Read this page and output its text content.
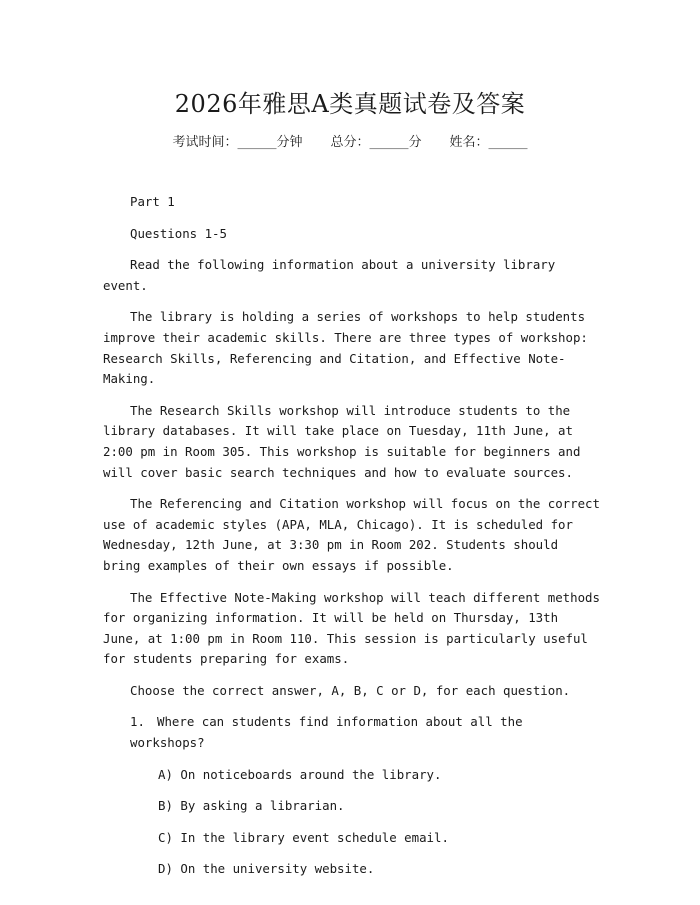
2026年雅思A类真题试卷及答案
考试时间：______分钟 总分：______分 姓名：______

Part 1

Questions 1-5

Read the following information about a university library event.

The library is holding a series of workshops to help students improve their academic skills. There are three types of workshop: Research Skills, Referencing and Citation, and Effective Note-Making.

The Research Skills workshop will introduce students to the library databases. It will take place on Tuesday, 11th June, at 2:00 pm in Room 305. This workshop is suitable for beginners and will cover basic search techniques and how to evaluate sources.

The Referencing and Citation workshop will focus on the correct use of academic styles (APA, MLA, Chicago). It is scheduled for Wednesday, 12th June, at 3:30 pm in Room 202. Students should bring examples of their own essays if possible.

The Effective Note-Making workshop will teach different methods for organizing information. It will be held on Thursday, 13th June, at 1:00 pm in Room 110. This session is particularly useful for students preparing for exams.

Choose the correct answer, A, B, C or D, for each question.

1. Where can students find information about all the workshops?

A) On noticeboards around the library.

B) By asking a librarian.

C) In the library event schedule email.

D) On the university website.
